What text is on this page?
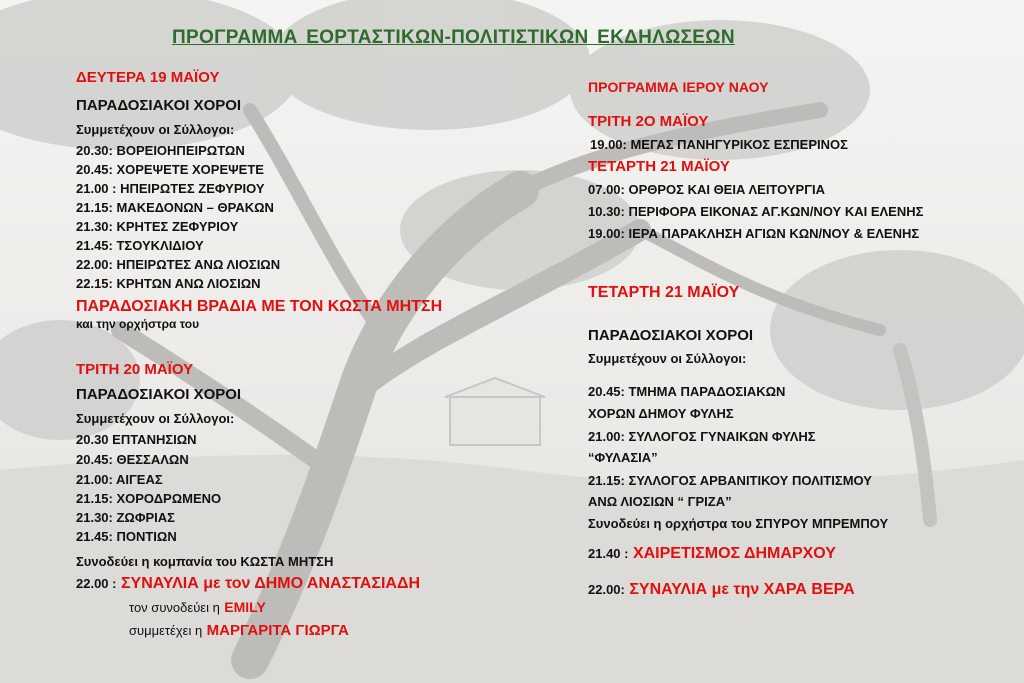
ΠΡΟΓΡΑΜΜΑ ΕΟΡΤΑΣΤΙΚΩΝ-ΠΟΛΙΤΙΣΤΙΚΩΝ ΕΚΔΗΛΩΣΕΩΝ
ΔΕΥΤΕΡΑ 19 ΜΑΪΟΥ
ΠΑΡΑΔΟΣΙΑΚΟΙ ΧΟΡΟΙ
Συμμετέχουν οι Σύλλογοι:
20.30: ΒΟΡΕΙΟΗΠΕΙΡΩΤΩΝ
20.45: ΧΟΡΕΨΕΤΕ ΧΟΡΕΨΕΤΕ
21.00 : ΗΠΕΙΡΩΤΕΣ ΖΕΦΥΡΙΟΥ
21.15: ΜΑΚΕΔΟΝΩΝ – ΘΡΑΚΩΝ
21.30: ΚΡΗΤΕΣ ΖΕΦΥΡΙΟΥ
21.45: ΤΣΟΥΚΛΙΔΙΟΥ
22.00: ΗΠΕΙΡΩΤΕΣ ΑΝΩ ΛΙΟΣΙΩΝ
22.15: ΚΡΗΤΩΝ ΑΝΩ ΛΙΟΣΙΩΝ
ΠΑΡΑΔΟΣΙΑΚΗ ΒΡΑΔΙΑ ΜΕ ΤΟΝ ΚΩΣΤΑ ΜΗΤΣΗ
και την ορχήστρα του
ΤΡΙΤΗ 20 ΜΑΪΟΥ
ΠΑΡΑΔΟΣΙΑΚΟΙ ΧΟΡΟΙ
Συμμετέχουν οι Σύλλογοι:
20.30 ΕΠΤΑΝΗΣΙΩΝ
20.45: ΘΕΣΣΑΛΩΝ
21.00: ΑΙΓΕΑΣ
21.15: ΧΟΡΟΔΡΩΜΕΝΟ
21.30: ΖΩΦΡΙΑΣ
21.45: ΠΟΝΤΙΩΝ
Συνοδεύει η κομπανία του ΚΩΣΤΑ ΜΗΤΣΗ
22.00 : ΣΥΝΑΥΛΙΑ με τον ΔΗΜΟ ΑΝΑΣΤΑΣΙΑΔΗ
τον συνοδεύει η EMILY
συμμετέχει η ΜΑΡΓΑΡΙΤΑ ΓΙΩΡΓΑ
ΠΡΟΓΡΑΜΜΑ ΙΕΡΟΥ ΝΑΟΥ
ΤΡΙΤΗ 2Ο ΜΑΪΟΥ
19.00: ΜΕΓΑΣ ΠΑΝΗΓΥΡΙΚΟΣ ΕΣΠΕΡΙΝΟΣ
ΤΕΤΑΡΤΗ 21 ΜΑΪΟΥ
07.00: ΟΡΘΡΟΣ ΚΑΙ ΘΕΙΑ ΛΕΙΤΟΥΡΓΙΑ
10.30: ΠΕΡΙΦΟΡΑ ΕΙΚΟΝΑΣ ΑΓ.ΚΩΝ/ΝΟΥ ΚΑΙ ΕΛΕΝΗΣ
19.00: ΙΕΡΑ ΠΑΡΑΚΛΗΣΗ ΑΓΙΩΝ ΚΩΝ/ΝΟΥ & ΕΛΕΝΗΣ
ΤΕΤΑΡΤΗ 21 ΜΑΪΟΥ
ΠΑΡΑΔΟΣΙΑΚΟΙ ΧΟΡΟΙ
Συμμετέχουν οι Σύλλογοι:
20.45: ΤΜΗΜΑ ΠΑΡΑΔΟΣΙΑΚΩΝ
ΧΟΡΩΝ ΔΗΜΟΥ ΦΥΛΗΣ
21.00: ΣΥΛΛΟΓΟΣ ΓΥΝΑΙΚΩΝ ΦΥΛΗΣ
“ΦΥΛΑΣΙΑ”
21.15: ΣΥΛΛΟΓΟΣ ΑΡΒΑΝΙΤΙΚΟΥ ΠΟΛΙΤΙΣΜΟΥ
ΑΝΩ ΛΙΟΣΙΩΝ “ ΓΡΙΖΑ”
Συνοδεύει η ορχήστρα του ΣΠΥΡΟΥ ΜΠΡΕΜΠΟΥ
21.40 : ΧΑΙΡΕΤΙΣΜΟΣ ΔΗΜΑΡΧΟΥ
22.00: ΣΥΝΑΥΛΙΑ με την ΧΑΡΑ ΒΕΡΑ
